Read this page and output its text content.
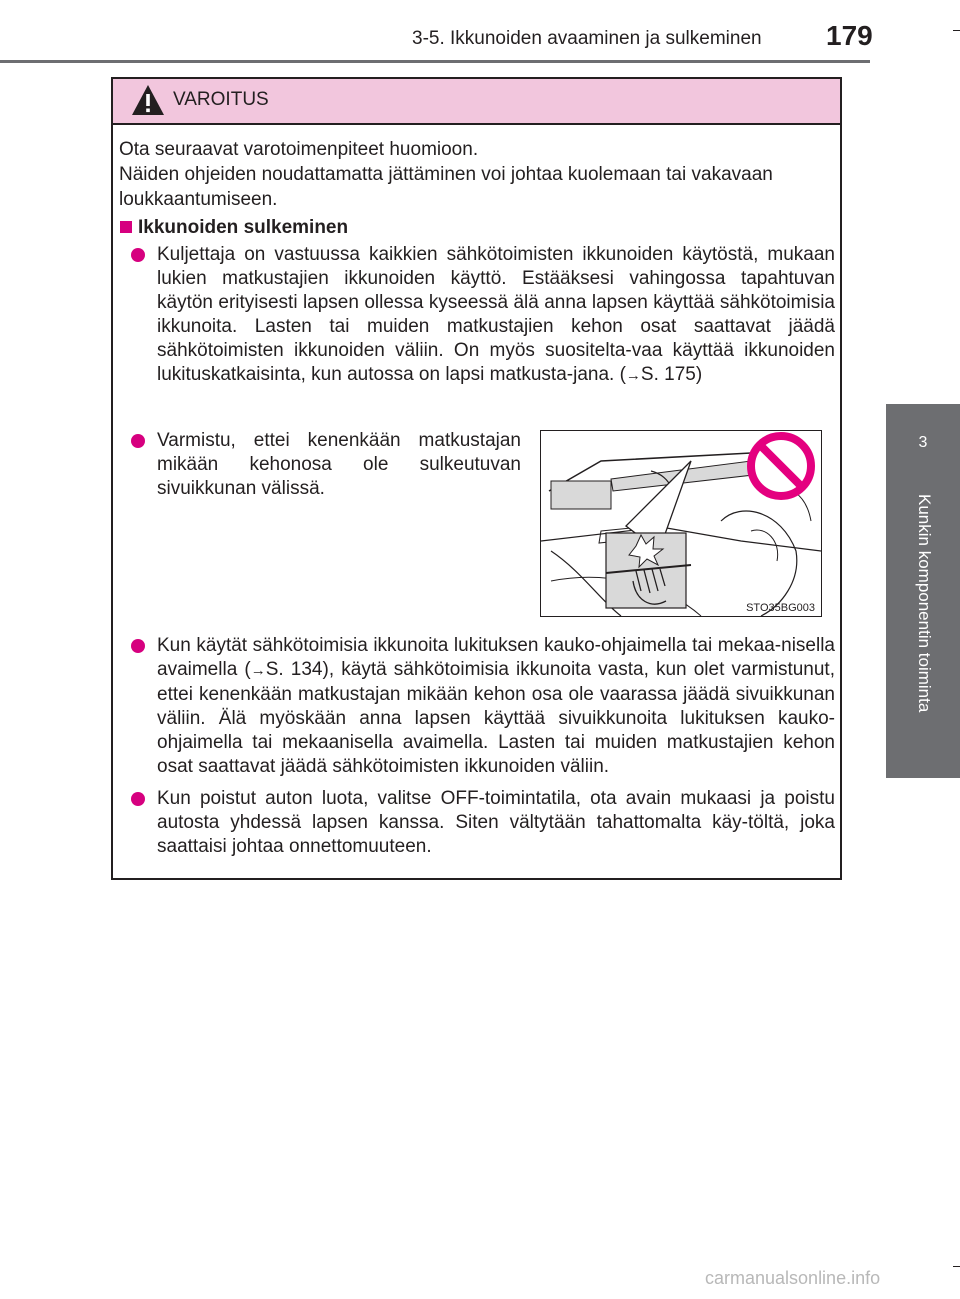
3-5. Ikkunoiden avaaminen ja sulkeminen	179
3
Kunkin komponentin toiminta
VAROITUS

Ota seuraavat varotoimenpiteet huomioon.

Näiden ohjeiden noudattamatta jättäminen voi johtaa kuolemaan tai vakavaan loukkaantumiseen.

Ikkunoiden sulkeminen
Kuljettaja on vastuussa kaikkien sähkötoimisten ikkunoiden käytöstä, mukaan lukien matkustajien ikkunoiden käyttö. Estääksesi vahingossa tapahtuvan käytön erityisesti lapsen ollessa kyseessä älä anna lapsen käyttää sähkötoimisia ikkunoita. Lasten tai muiden matkustajien kehon osat saattavat jäädä sähkötoimisten ikkunoiden väliin. On myös suositelta-vaa käyttää ikkunoiden lukituskatkaisinta, kun autossa on lapsi matkusta-jana. (→S. 175)
Varmistu, ettei kenenkään matkustajan mikään kehonosa ole sulkeutuvan sivuikkunan välissä.
STO35BG003
Kun käytät sähkötoimisia ikkunoita lukituksen kauko-ohjaimella tai mekaa-nisella avaimella (→S. 134), käytä sähkötoimisia ikkunoita vasta, kun olet varmistunut, ettei kenenkään matkustajan mikään kehon osa ole vaarassa jäädä sivuikkunan väliin. Älä myöskään anna lapsen käyttää sivuikkunoita lukituksen kauko-ohjaimella tai mekaanisella avaimella. Lasten tai muiden matkustajien kehon osat saattavat jäädä sähkötoimisten ikkunoiden väliin.
Kun poistut auton luota, valitse OFF-toimintatila, ota avain mukaasi ja poistu autosta yhdessä lapsen kanssa. Siten vältytään tahattomalta käy-töltä, joka saattaisi johtaa onnettomuuteen.
carmanualsonline.info
